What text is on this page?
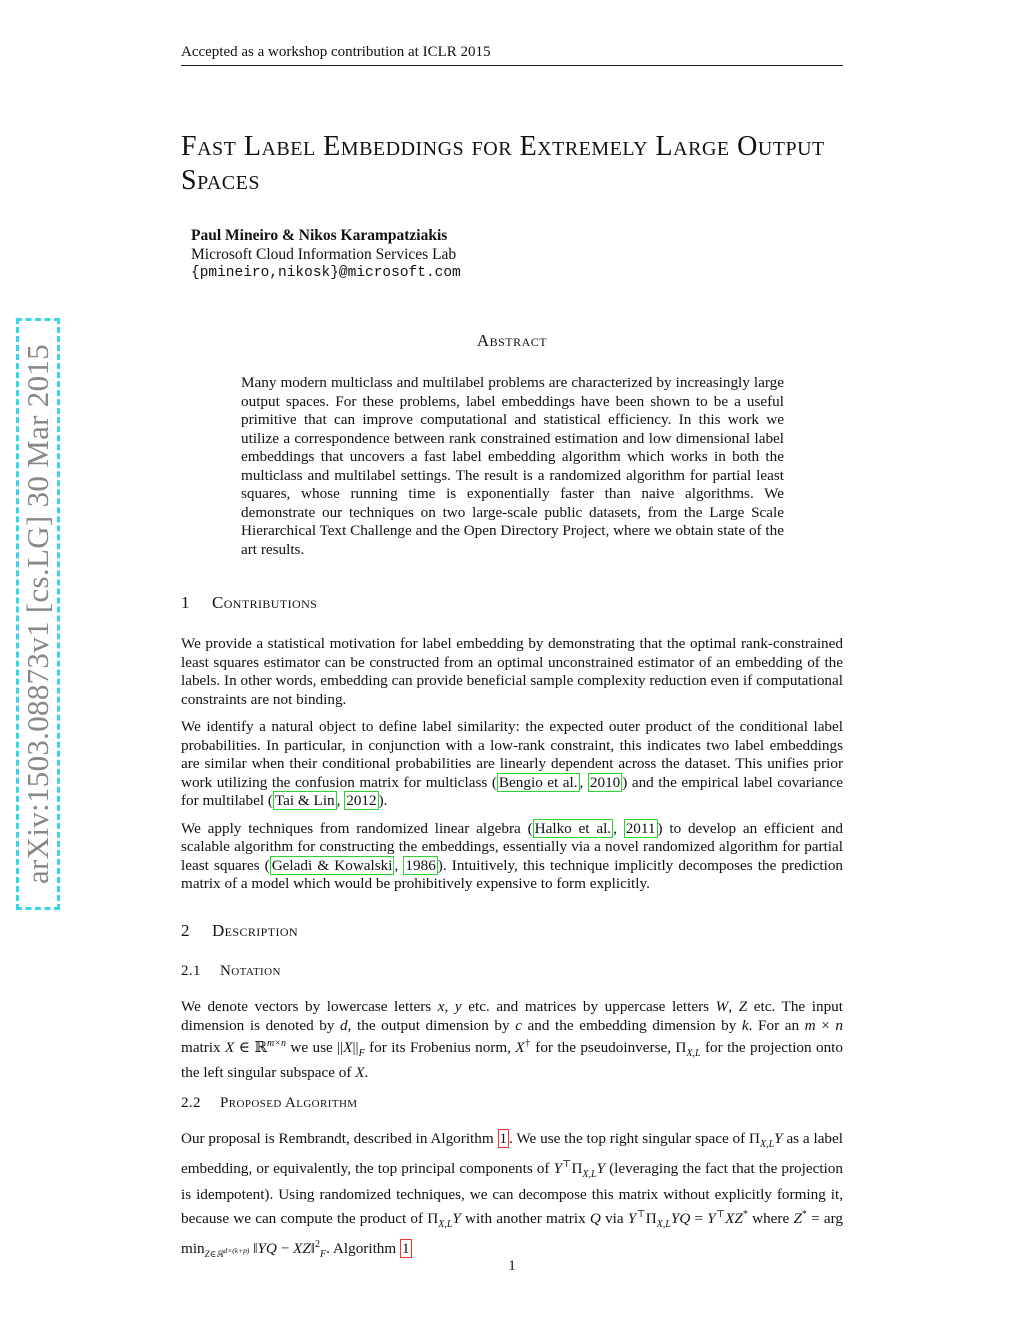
Accepted as a workshop contribution at ICLR 2015
Fast Label Embeddings for Extremely Large Output Spaces
Paul Mineiro & Nikos Karampatziakis
Microsoft Cloud Information Services Lab
{pmineiro,nikosk}@microsoft.com
arXiv:1503.08873v1 [cs.LG] 30 Mar 2015
Abstract
Many modern multiclass and multilabel problems are characterized by increasingly large output spaces. For these problems, label embeddings have been shown to be a useful primitive that can improve computational and statistical efficiency. In this work we utilize a correspondence between rank constrained estimation and low dimensional label embeddings that uncovers a fast label embedding algorithm which works in both the multiclass and multilabel settings. The result is a randomized algorithm for partial least squares, whose running time is exponentially faster than naive algorithms. We demonstrate our techniques on two large-scale public datasets, from the Large Scale Hierarchical Text Challenge and the Open Directory Project, where we obtain state of the art results.
1 Contributions

We provide a statistical motivation for label embedding by demonstrating that the optimal rank-constrained least squares estimator can be constructed from an optimal unconstrained estimator of an embedding of the labels. In other words, embedding can provide beneficial sample complexity reduction even if computational constraints are not binding.

We identify a natural object to define label similarity: the expected outer product of the conditional label probabilities. In particular, in conjunction with a low-rank constraint, this indicates two label embeddings are similar when their conditional probabilities are linearly dependent across the dataset. This unifies prior work utilizing the confusion matrix for multiclass ( Bengio et al. , 2010 ) and the empirical label covariance for multilabel ( Tai & Lin , 2012 ).

We apply techniques from randomized linear algebra ( Halko et al. , 2011 ) to develop an efficient and scalable algorithm for constructing the embeddings, essentially via a novel randomized algorithm for partial least squares ( Geladi & Kowalski , 1986 ). Intuitively, this technique implicitly decomposes the prediction matrix of a model which would be prohibitively expensive to form explicitly.

2 Description
2.1 Notation

We denote vectors by lowercase letters x, y etc. and matrices by uppercase letters W, Z etc. The input dimension is denoted by d, the output dimension by c and the embedding dimension by k. For an m × n matrix X ∈ ℝ$^{m\times n}$ we use $||X||_F$ for its Frobenius norm, X† for the pseudoinverse, $\Pi_{X,L}$ for the projection onto the left singular subspace of X.

2.2 Proposed Algorithm

Our proposal is Rembrandt, described in Algorithm 1 . We use the top right singular space of $\Pi_{X,L}Y$ as a label embedding, or equivalently, the top principal components of $Y^⊤\Pi_{X,L}Y$ (leveraging the fact that the projection is idempotent). Using randomized techniques, we can decompose this matrix without explicitly forming it, because we can compute the product of $\Pi_{X,L}Y$ with another matrix Q via $Y^⊤\Pi_{X,L}YQ = Y^⊤XZ^*$ where Z* = arg $\min_{Z\in ℝ^{d\times(k+p)}}$ ‖YQ − XZ‖$^2_F$. Algorithm 1

1
